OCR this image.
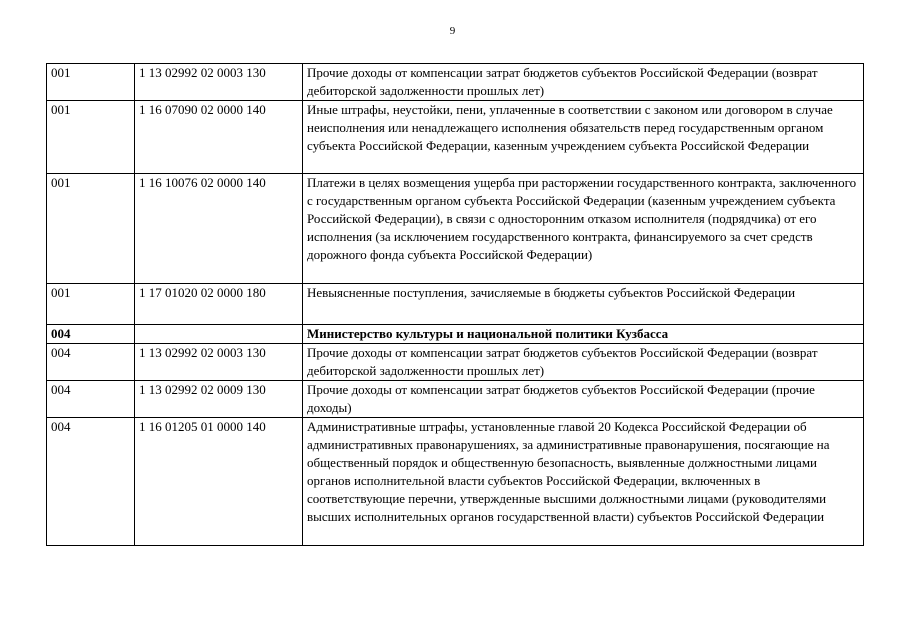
9
001	1 13 02992 02 0003 130	Прочие доходы от компенсации затрат бюджетов субъектов Российской Федерации (возврат дебиторской задолженности прошлых лет)
001	1 16 07090 02 0000 140	Иные штрафы, неустойки, пени, уплаченные в соответствии с законом или договором в случае неисполнения или ненадлежащего исполнения обязательств перед государственным органом субъекта Российской Федерации, казенным учреждением субъекта Российской Федерации
001	1 16 10076 02 0000 140	Платежи в целях возмещения ущерба при расторжении государственного контракта, заключенного с государственным органом субъекта Российской Федерации (казенным учреждением субъекта Российской Федерации), в связи с односторонним отказом исполнителя (подрядчика) от его исполнения (за исключением государственного контракта, финансируемого за счет средств дорожного фонда субъекта Российской Федерации)
001	1 17 01020 02 0000 180	Невыясненные поступления, зачисляемые в бюджеты субъектов Российской Федерации
004		Министерство культуры и национальной политики Кузбасса
004	1 13 02992 02 0003 130	Прочие доходы от компенсации затрат бюджетов субъектов Российской Федерации (возврат дебиторской задолженности прошлых лет)
004	1 13 02992 02 0009 130	Прочие доходы от компенсации затрат бюджетов субъектов Российской Федерации (прочие доходы)
004	1 16 01205 01 0000 140	Административные штрафы, установленные главой 20 Кодекса Российской Федерации об административных правонарушениях, за административные правонарушения, посягающие на общественный порядок и общественную безопасность, выявленные должностными лицами органов исполнительной власти субъектов Российской Федерации, включенных в соответствующие перечни, утвержденные высшими должностными лицами (руководителями высших исполнительных органов государственной власти) субъектов Российской Федерации
